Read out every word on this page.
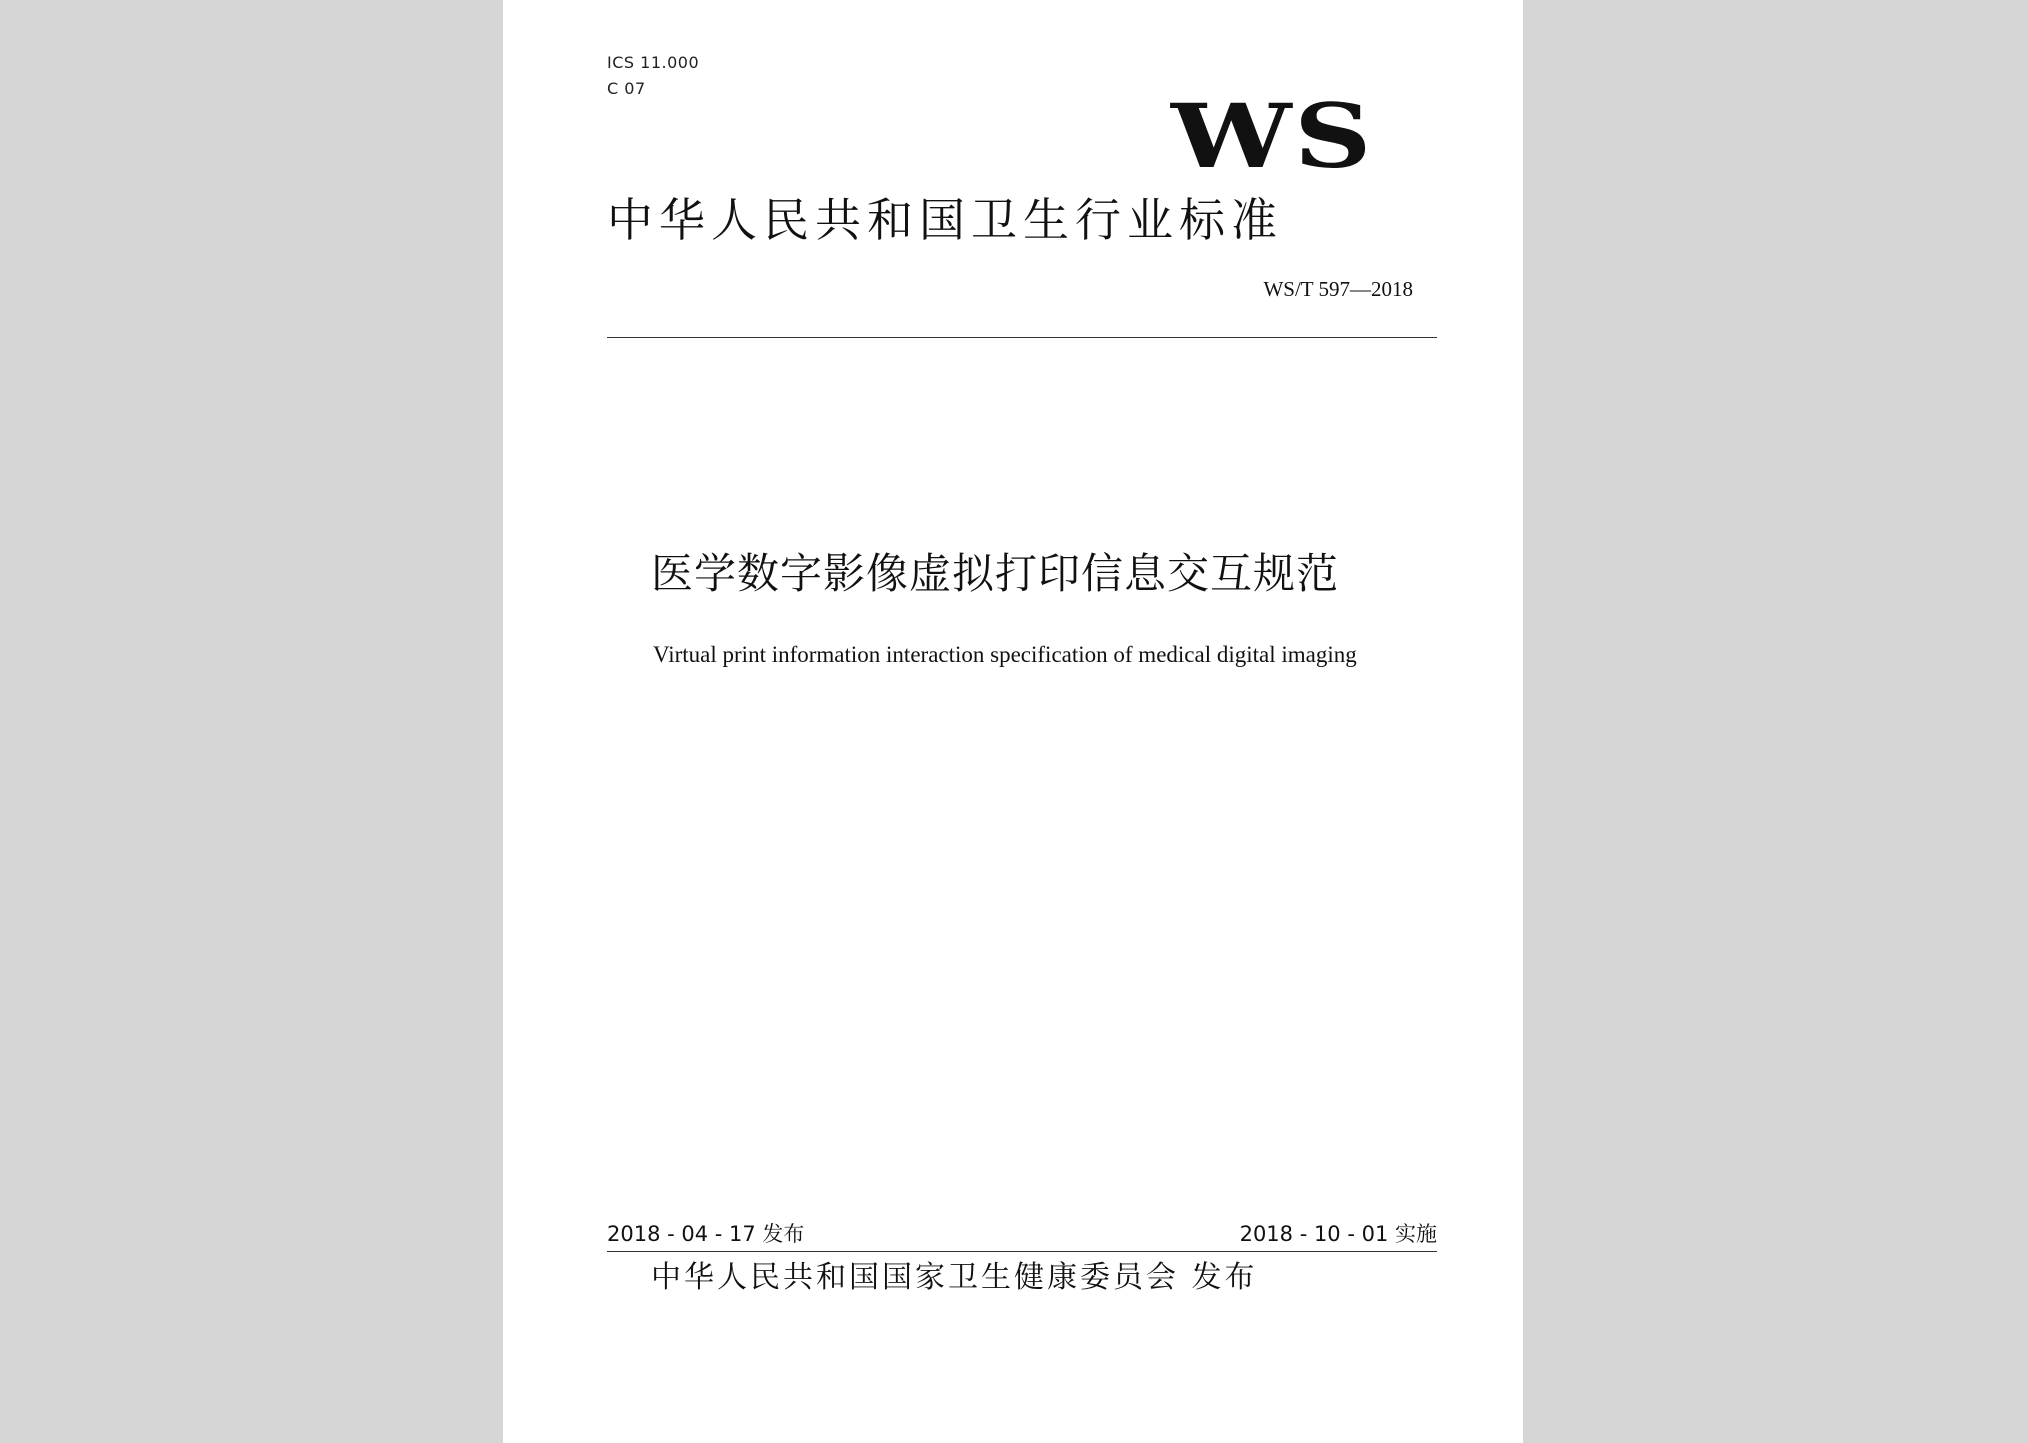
ICS 11.000
C 07	WS
中华人民共和国卫生行业标准
WS/T 597—2018
医学数字影像虚拟打印信息交互规范
Virtual print information interaction specification of medical digital imaging
2018 - 04 - 17 发布	2018 - 10 - 01 实施
中华人民共和国国家卫生健康委员会 发布
